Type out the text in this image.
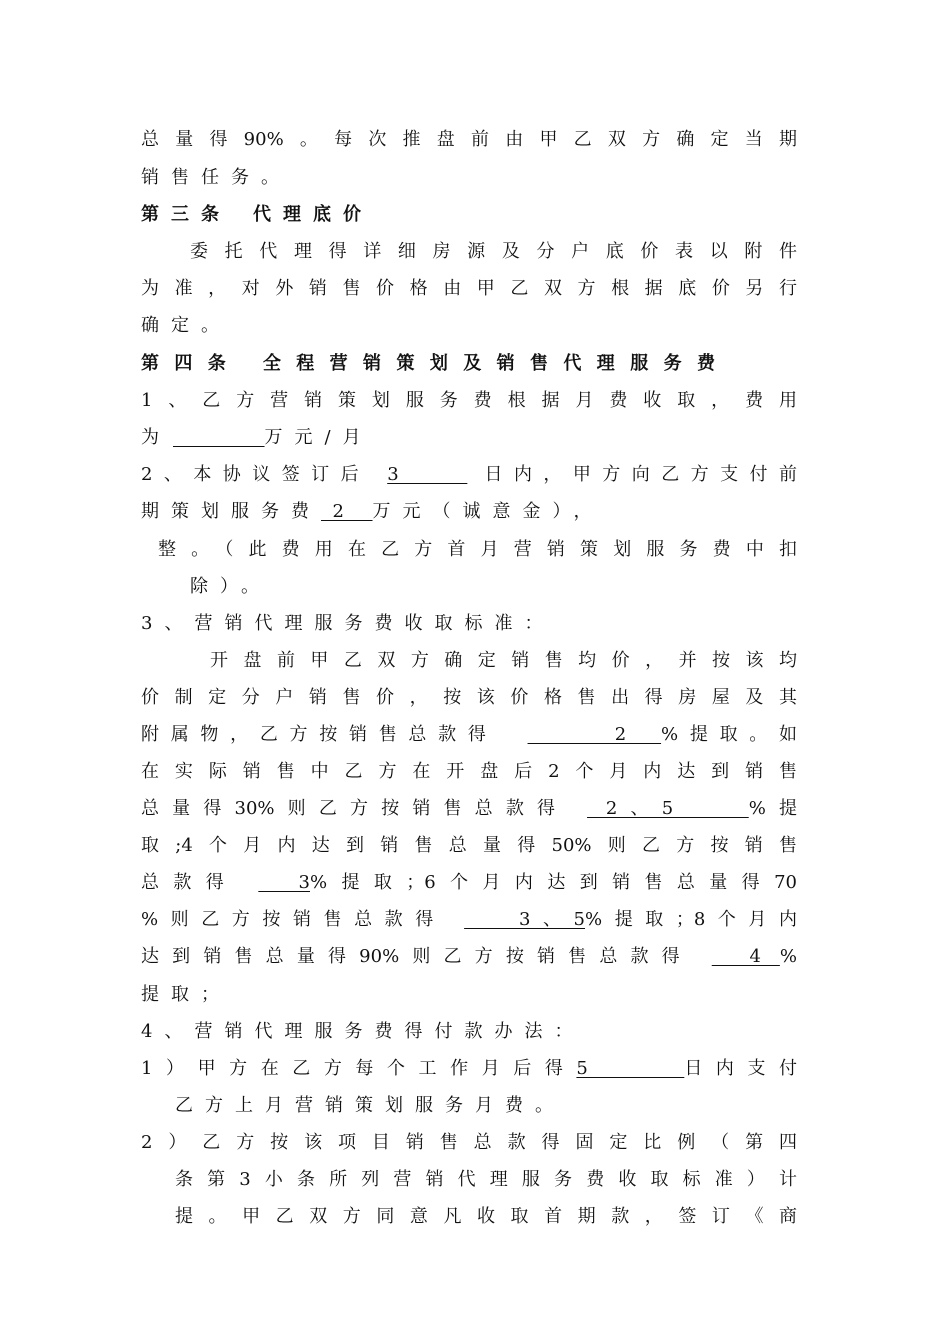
总量得90%。每次推盘前由甲乙双方确定当期
销售任务。
第三条 代理底价
委托代理得详细房源及分户底价表以附件
为准，对外销售价格由甲乙双方根据底价另行
确定。
第四条 全程营销策划及销售代理服务费
1、乙方营销策划服务费根据月费收取，费用
为	万元/月
2、本协议签订后 3     日内，甲方向乙方支付前
期策划服务费  2     万元（诚意金），
整。（此费用在乙方首月营销策划服务费中扣
除）。
3、营销代理服务费收取标准：
开盘前甲乙双方确定销售均价，并按该均
价制定分户销售价，按该价格售出得房屋及其
附属物，乙方按销售总款得     2  %提取。如
在实际销售中乙方在开盘后2个月内达到销售
总量得30%则乙方按销售总款得  2、5    %提
取;4个月内达到销售总量得50%则乙方按销售
总款得   3%提取；6个月内达到销售总量得70
%则乙方按销售总款得    3、5%提取；8个月内
达到销售总量得90%则乙方按销售总款得   4 %
提取；
4、营销代理服务费得付款办法：
1）甲方在乙方每个工作月后得5     日内支付
乙方上月营销策划服务月费。
2）乙方按该项目销售总款得固定比例（第四
条第3小条所列营销代理服务费收取标准）计
提。甲乙双方同意凡收取首期款，签订《商
